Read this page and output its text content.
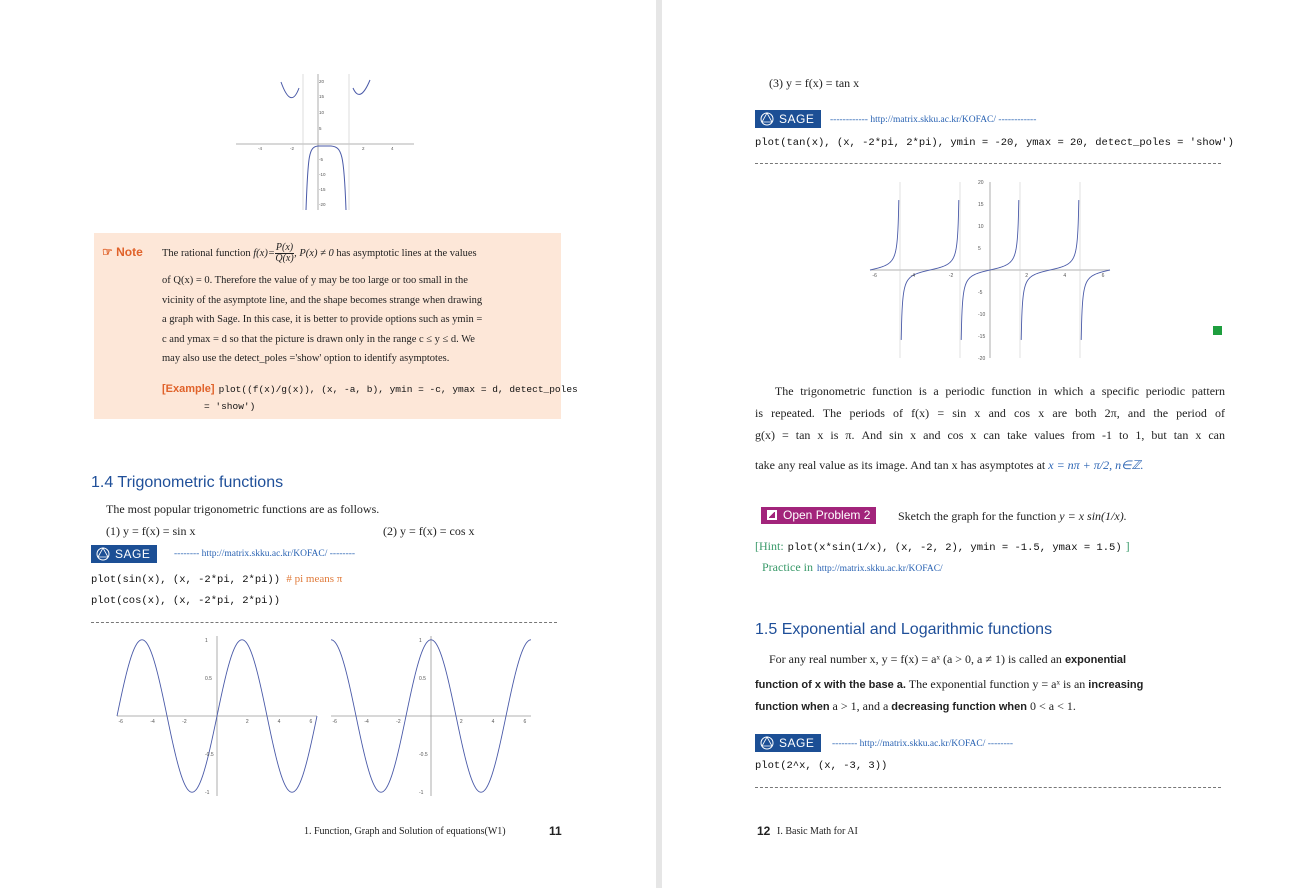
-4	-2	2	4
20
15
10
5
-5
-10
-15
-20
☞ Note The rational function $f(x)= \frac{P(x)}{Q(x)}$ , P(x) ≠ 0 has asymptotic lines at the values
of Q(x) = 0. Therefore the value of y may be too large or too small in the
vicinity of the asymptote line, and the shape becomes strange when drawing
a graph with Sage. In this case, it is better to provide options such as ymin =
c and ymax = d so that the picture is drawn only in the range c ≤ y ≤ d. We
may also use the detect_poles ='show' option to identify asymptotes.
[Example] plot((f(x)/g(x)), (x, -a, b), ymin = -c, ymax = d, detect_poles
= 'show')
1.4 Trigonometric functions
The most popular trigonometric functions are as follows.
(1) y = f(x) = sin x	(2) y = f(x) = cos x
SAGE -------- http://matrix.skku.ac.kr/KOFAC/ --------
plot(sin(x), (x, -2*pi, 2*pi)) # pi means π
plot(cos(x), (x, -2*pi, 2*pi))
-6	-4	-2	2	4	6
1
0.5
-0.5
-1
-6	-4	-2	2	4	6
1
0.5
-0.5
-1
1. Function, Graph and Solution of equations(W1)	11
(3) y = f(x) = tan x
SAGE ------------ http://matrix.skku.ac.kr/KOFAC/ ------------
plot(tan(x), (x, -2*pi, 2*pi), ymin = -20, ymax = 20, detect_poles = 'show')
-6	-4	-2	2	4	6
20
15
10
5
-5
-10
-15
-20
The trigonometric function is a periodic function in which a specific periodic pattern
is repeated. The periods of f(x) = sin x and cos x are both 2π, and the period of
g(x) = tan x is π. And sin x and cos x can take values from -1 to 1, but tan x can
take any real value as its image. And tan x has asymptotes at x = nπ + π/2, n∈ℤ.
Open Problem 2	Sketch the graph for the function y = x sin(1/x).
[Hint: plot(x*sin(1/x), (x, -2, 2), ymin = -1.5, ymax = 1.5) ]
Practice in http://matrix.skku.ac.kr/KOFAC/
1.5 Exponential and Logarithmic functions
For any real number x, y = f(x) = aˣ (a > 0, a ≠ 1) is called an exponential
function of x with the base a. The exponential function y = aˣ is an increasing
function when a > 1, and a decreasing function when 0 < a < 1.
SAGE -------- http://matrix.skku.ac.kr/KOFAC/ --------
plot(2^x, (x, -3, 3))
12 I. Basic Math for AI
